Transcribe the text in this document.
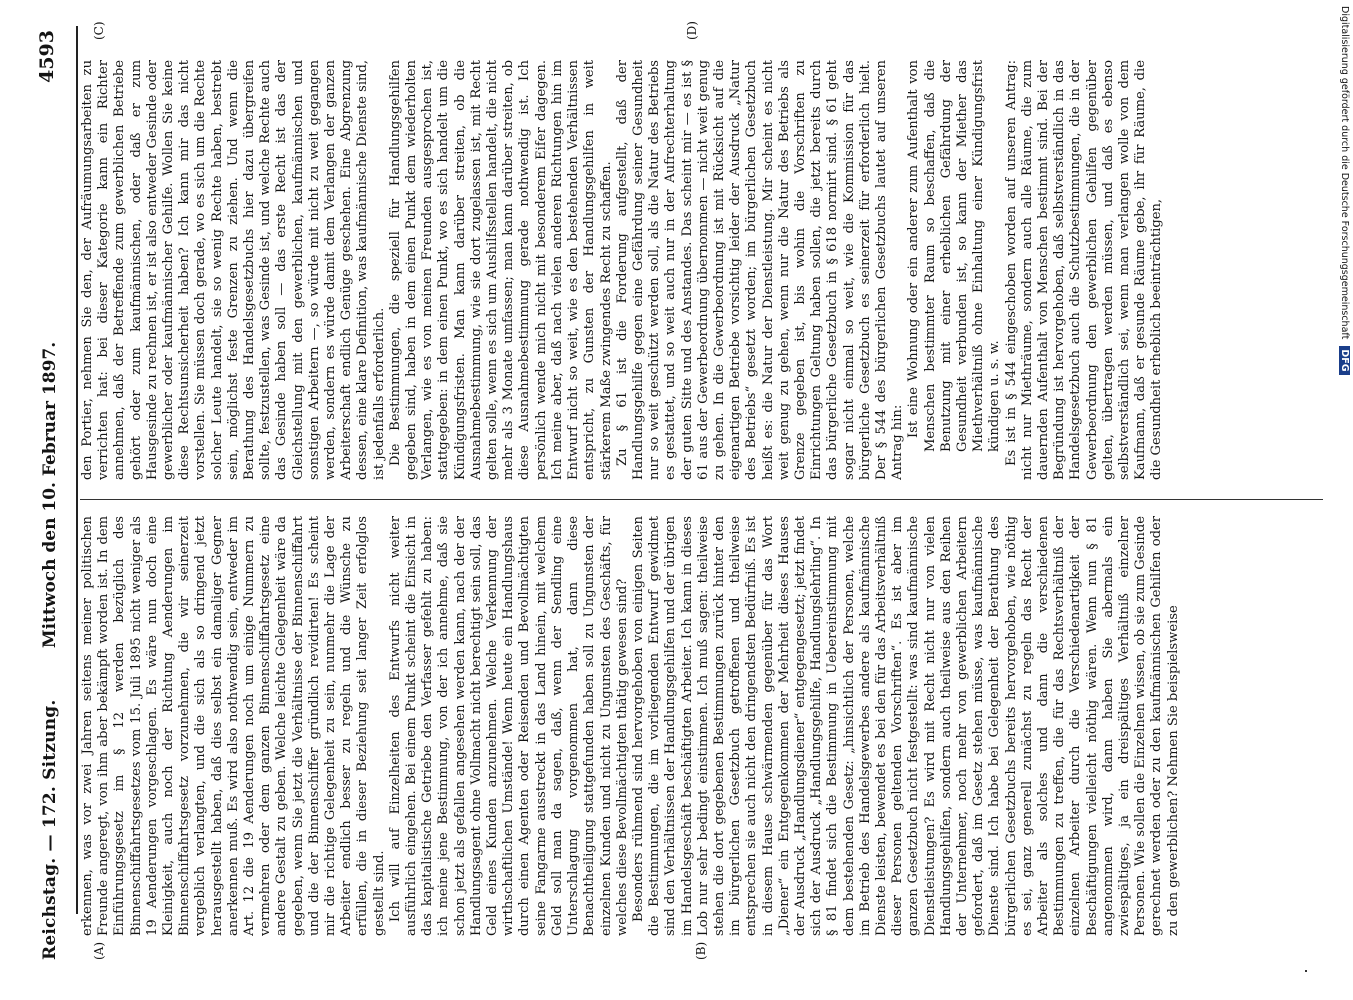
Reichstag. — 172. Sitzung.
Mittwoch den 10. Februar 1897.
4593
(A)	(B)
(C)	(D)

erkennen, was vor zwei Jahren seitens meiner politischen Freunde angeregt, von ihm aber bekämpft worden ist. In dem Einführungsgesetz im § 12 werden bezüglich des Binnenschiffahrtsgesetzes vom 15. Juli 1895 nicht weniger als 19 Aenderungen vorgeschlagen. Es wäre nun doch eine Kleinigkeit, auch noch der Richtung Aenderungen im Binnenschiffahrtsgesetz vorzunehmen, die wir seinerzeit vergeblich verlangten, und die sich als so dringend jetzt herausgestellt haben, daß dies selbst ein damaliger Gegner anerkennen muß. Es wird also nothwendig sein, entweder im Art. 12 die 19 Aenderungen noch um einige Nummern zu vermehren oder dem ganzen Binnenschiffahrtsgesetz eine andere Gestalt zu geben. Welche leichte Gelegenheit wäre da gegeben, wenn Sie jetzt die Verhältnisse der Binnenschiffahrt und die der Binnenschiffer gründlich revidirten! Es scheint mir die richtige Gelegenheit zu sein, nunmehr die Lage der Arbeiter endlich besser zu regeln und die Wünsche zu erfüllen, die in dieser Beziehung seit langer Zeit erfolglos gestellt sind. Ich will auf Einzelheiten des Entwurfs nicht weiter ausführlich eingehen. Bei einem Punkt scheint die Einsicht in das kapitalistische Getriebe den Verfasser gefehlt zu haben: ich meine jene Bestimmung, von der ich annehme, daß sie schon jetzt als gefallen angesehen werden kann, nach der der Handlungsagent ohne Vollmacht nicht berechtigt sein soll, das Geld eines Kunden anzunehmen. Welche Verkennung der wirthschaftlichen Umstände! Wenn heute ein Handlungshaus durch einen Agenten oder Reisenden und Bevollmächtigten seine Fangarme ausstreckt in das Land hinein, mit welchem Geld soll man da sagen, daß, wenn der Sendling eine Unterschlagung vorgenommen hat, dann diese Benachtheiligung stattgefunden haben soll zu Ungunsten der einzelnen Kunden und nicht zu Ungunsten des Geschäfts, für welches diese Bevollmächtigten thätig gewesen sind? Besonders rühmend sind hervorgehoben von einigen Seiten die Bestimmungen, die im vorliegenden Entwurf gewidmet sind den Verhältnissen der Handlungsgehilfen und der übrigen im Handelsgeschäft beschäftigten Arbeiter. Ich kann in dieses Lob nur sehr bedingt einstimmen. Ich muß sagen: theilweise stehen die dort gegebenen Bestimmungen zurück hinter den im bürgerlichen Gesetzbuch getroffenen und theilweise entsprechen sie auch nicht den dringendsten Bedürfniß. Es ist in diesem Hause schwärmenden gegenüber für das Wort „Diener“ ein Entgegenkommen der Mehrheit dieses Hauses der Ausdruck „Handlungsdiener“ entgegengesetzt; jetzt findet sich der Ausdruck „Handlungsgehilfe, Handlungslehrling“. In § 81 findet sich die Bestimmung in Uebereinstimmung mit dem bestehenden Gesetz: „hinsichtlich der Personen, welche im Betrieb des Handelsgewerbes andere als kaufmännische Dienste leisten, bewendet es bei den für das Arbeitsverhältniß dieser Personen geltenden Vorschriften“. Es ist aber im ganzen Gesetzbuch nicht festgestellt: was sind kaufmännische Dienstleistungen? Es wird mit Recht nicht nur von vielen Handlungsgehilfen, sondern auch theilweise aus den Reihen der Unternehmer, noch mehr von gewerblichen Arbeitern gefordert, daß im Gesetz stehen müsse, was kaufmännische Dienste sind. Ich habe bei Gelegenheit der Berathung des bürgerlichen Gesetzbuchs bereits hervorgehoben, wie nöthig es sei, ganz generell zunächst zu regeln das Recht der Arbeiter als solches und dann die verschiedenen Bestimmungen zu treffen, die für das Rechtsverhältniß der einzelnen Arbeiter durch die Verschiedenartigkeit der Beschäftigungen vielleicht nöthig wären. Wenn nun § 81 angenommen wird, dann haben Sie abermals ein zwiespältiges, ja ein dreispältiges Verhältniß einzelner Personen. Wie sollen die Einzelnen wissen, ob sie zum Gesinde gerechnet werden oder zu den kaufmännischen Gehilfen oder zu den gewerblichen? Nehmen Sie beispielsweise

den Portier, nehmen Sie den, der Aufräumungsarbeiten zu verrichten hat: bei dieser Kategorie kann ein Richter annehmen, daß der Betreffende zum gewerblichen Betriebe gehört oder zum kaufmännischen, oder daß er zum Hausgesinde zu rechnen ist, er ist also entweder Gesinde oder gewerblicher oder kaufmännischer Gehilfe. Wollen Sie keine diese Rechtsunsicherheit haben? Ich kann mir das nicht vorstellen. Sie müssen doch gerade, wo es sich um die Rechte solcher Leute handelt, sie so wenig Rechte haben, bestrebt sein, möglichst feste Grenzen zu ziehen. Und wenn die Berathung des Handelsgesetzbuchs hier dazu übergreifen sollte, festzustellen, was Gesinde ist, und welche Rechte auch das Gesinde haben soll — das erste Recht ist das der Gleichstellung mit den gewerblichen, kaufmännischen und sonstigen Arbeitern —, so würde mit nicht zu weit gegangen werden, sondern es würde damit dem Verlangen der ganzen Arbeiterschaft endlich Genüge geschehen. Eine Abgrenzung dessen, eine klare Definition, was kaufmännische Dienste sind, ist jedenfalls erforderlich. Die Bestimmungen, die speziell für Handlungsgehilfen gegeben sind, haben in dem einen Punkt dem wiederholten Verlangen, wie es von meinen Freunden ausgesprochen ist, stattgegeben: in dem einen Punkt, wo es sich handelt um die Kündigungsfristen. Man kann darüber streiten, ob die Ausnahmebestimmung, wie sie dort zugelassen ist, mit Recht gelten solle, wenn es sich um Aushilfsstellen handelt, die nicht mehr als 3 Monate umfassen; man kann darüber streiten, ob diese Ausnahmebestimmung gerade nothwendig ist. Ich persönlich wende mich nicht mit besonderem Eifer dagegen. Ich meine aber, daß nach vielen anderen Richtungen hin im Entwurf nicht so weit, wie es den bestehenden Verhältnissen entspricht, zu Gunsten der Handlungsgehilfen in weit stärkerem Maße zwingendes Recht zu schaffen. Zu § 61 ist die Forderung aufgestellt, daß der Handlungsgehilfe gegen eine Gefährdung seiner Gesundheit nur so weit geschützt werden soll, als die Natur des Betriebs es gestattet, und so weit auch nur in der Aufrechterhaltung der guten Sitte und des Anstandes. Das scheint mir — es ist § 61 aus der Gewerbeordnung übernommen — nicht weit genug zu gehen. In die Gewerbeordnung ist mit Rücksicht auf die eigenartigen Betriebe vorsichtig leider der Ausdruck „Natur des Betriebs“ gesetzt worden; im bürgerlichen Gesetzbuch heißt es: die Natur der Dienstleistung. Mir scheint es nicht weit genug zu gehen, wenn nur die Natur des Betriebs als Grenze gegeben ist, bis wohin die Vorschriften zu Einrichtungen Geltung haben sollen, die jetzt bereits durch das bürgerliche Gesetzbuch in § 618 normirt sind. § 61 geht sogar nicht einmal so weit, wie die Kommission für das bürgerliche Gesetzbuch es seinerzeit für erforderlich hielt. Der § 544 des bürgerlichen Gesetzbuchs lautet auf unseren Antrag hin:

Ist eine Wohnung oder ein anderer zum Aufenthalt von Menschen bestimmter Raum so beschaffen, daß die Benutzung mit einer erheblichen Gefährdung der Gesundheit verbunden ist, so kann der Miether das Miethverhältniß ohne Einhaltung einer Kündigungsfrist kündigen u. s. w. Es ist in § 544 eingeschoben worden auf unseren Antrag: nicht nur Miethräume, sondern auch alle Räume, die zum dauernden Aufenthalt von Menschen bestimmt sind. Bei der Begründung ist hervorgehoben, daß selbstverständlich in das Handelsgesetzbuch auch die Schutzbestimmungen, die in der Gewerbeordnung den gewerblichen Gehilfen gegenüber gelten, übertragen werden müssen, und daß es ebenso selbstverständlich sei, wenn man verlangen wolle von dem Kaufmann, daß er gesunde Räume gebe, ihr für Räume, die die Gesundheit erheblich beeinträchtigen,

Digitalisierung gefördert durch die Deutsche Forschungsgemeinschaft DFG
